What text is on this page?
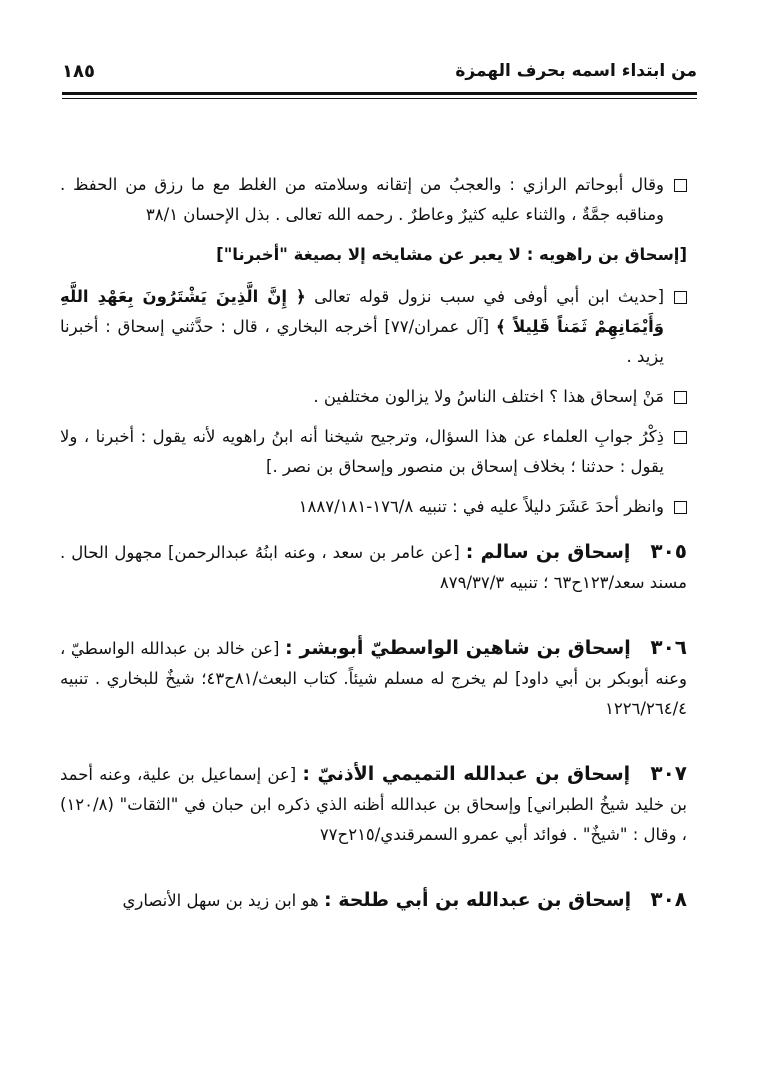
من ابتداء اسمه بحرف الهمزة
١٨٥
وقال أبوحاتم الرازي : والعجبُ من إتقانه وسلامته من الغلط مع ما رزق من الحفظ . ومناقبه جمَّةٌ ، والثناء عليه كثيرٌ وعاطرٌ . رحمه الله تعالى . بذل الإحسان ٣٨/١
[إسحاق بن راهويه : لا يعبر عن مشايخه إلا بصيغة "أخبرنا"]
[حديث ابن أبي أوفى في سبب نزول قوله تعالى ﴿ إِنَّ الَّذِينَ يَشْتَرُونَ بِعَهْدِ اللَّهِ وَأَيْمَانِهِمْ ثَمَناً قَلِيلاً ﴾ [آل عمران/٧٧] أخرجه البخاري ، قال : حدَّثني إسحاق : أخبرنا يزيد .
مَنْ إسحاق هذا ؟ اختلف الناسُ ولا يزالون مختلفين .
ذِكْرُ جوابِ العلماء عن هذا السؤال، وترجيح شيخنا أنه ابنُ راهويه لأنه يقول : أخبرنا ، ولا يقول : حدثنا ؛ بخلاف إسحاق بن منصور وإسحاق بن نصر .]
وانظر أحدَ عَشَرَ دليلاً عليه في : تنبيه ١٧٦/٨-١٨٨٧/١٨١
٣٠٥ إسحاق بن سالم : [عن عامر بن سعد ، وعنه ابنُهُ عبدالرحمن] مجهول الحال . مسند سعد/١٢٣ح٦٣ ؛ تنبيه ٨٧٩/٣٧/٣
٣٠٦ إسحاق بن شاهين الواسطيّ أبوبشر : [عن خالد بن عبدالله الواسطيّ ، وعنه أبوبكر بن أبي داود] لم يخرج له مسلم شيئاً. كتاب البعث/٨١ح٤٣؛ شيخٌ للبخاري . تنبيه ١٢٢٦/٢٦٤/٤
٣٠٧ إسحاق بن عبدالله التميمي الأذنيّ : [عن إسماعيل بن علية، وعنه أحمد بن خليد شيخُ الطبراني] وإسحاق بن عبدالله أظنه الذي ذكره ابن حبان في "الثقات" (١٢٠/٨) ، وقال : "شيخٌ" . فوائد أبي عمرو السمرقندي/٢١٥ح٧٧
٣٠٨ إسحاق بن عبدالله بن أبي طلحة : هو ابن زيد بن سهل الأنصاري
